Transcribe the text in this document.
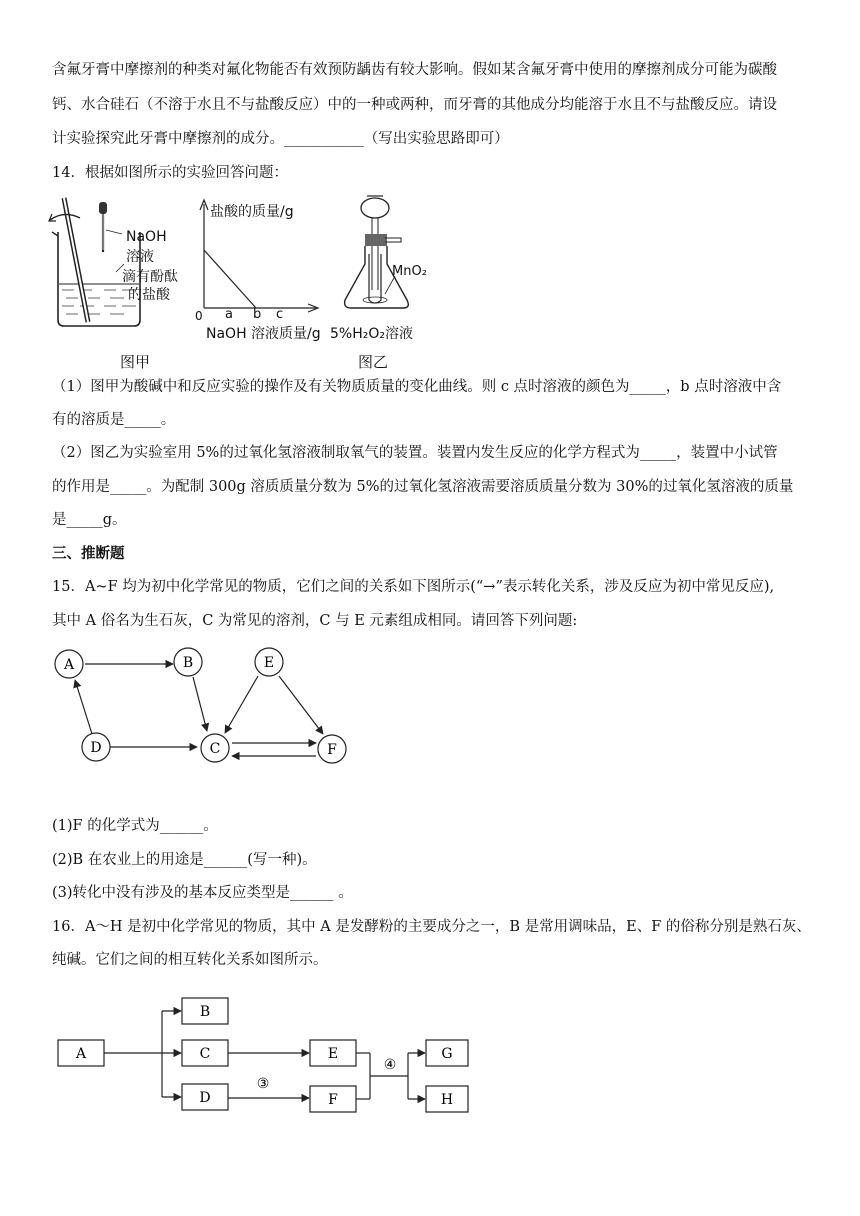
含氟牙膏中摩擦剂的种类对氟化物能否有效预防龋齿有较大影响。假如某含氟牙膏中使用的摩擦剂成分可能为碳酸
钙、水合硅石（不溶于水且不与盐酸反应）中的一种或两种，而牙膏的其他成分均能溶于水且不与盐酸反应。请设
计实验探究此牙膏中摩擦剂的成分。___________（写出实验思路即可）
14．根据如图所示的实验回答问题：
NaOH
溶液
滴有酚酞
的盐酸
图甲
盐酸的质量/g
0 a b c
NaOH 溶液质量/g
MnO₂
5%H₂O₂溶液
图乙
（1）图甲为酸碱中和反应实验的操作及有关物质质量的变化曲线。则 c 点时溶液的颜色为_____，b 点时溶液中含
有的溶质是_____。
（2）图乙为实验室用 5%的过氧化氢溶液制取氧气的装置。装置内发生反应的化学方程式为_____，装置中小试管
的作用是_____。为配制 300g 溶质质量分数为 5%的过氧化氢溶液需要溶质质量分数为 30%的过氧化氢溶液的质量
是_____g。
三、推断题
15．A~F 均为初中化学常见的物质，它们之间的关系如下图所示(“→”表示转化关系，涉及反应为初中常见反应),
其中 A 俗名为生石灰，C 为常见的溶剂，C 与 E 元素组成相同。请回答下列问题:
A	B
C
D
E
F
(1)F 的化学式为______。
(2)B 在农业上的用途是______(写一种)。
(3)转化中没有涉及的基本反应类型是______ 。
16．A～H 是初中化学常见的物质，其中 A 是发酵粉的主要成分之一，B 是常用调味品，E、F 的俗称分别是熟石灰、
纯碱。它们之间的相互转化关系如图所示。
A
B
C
D
E
F
G
H
③
④
